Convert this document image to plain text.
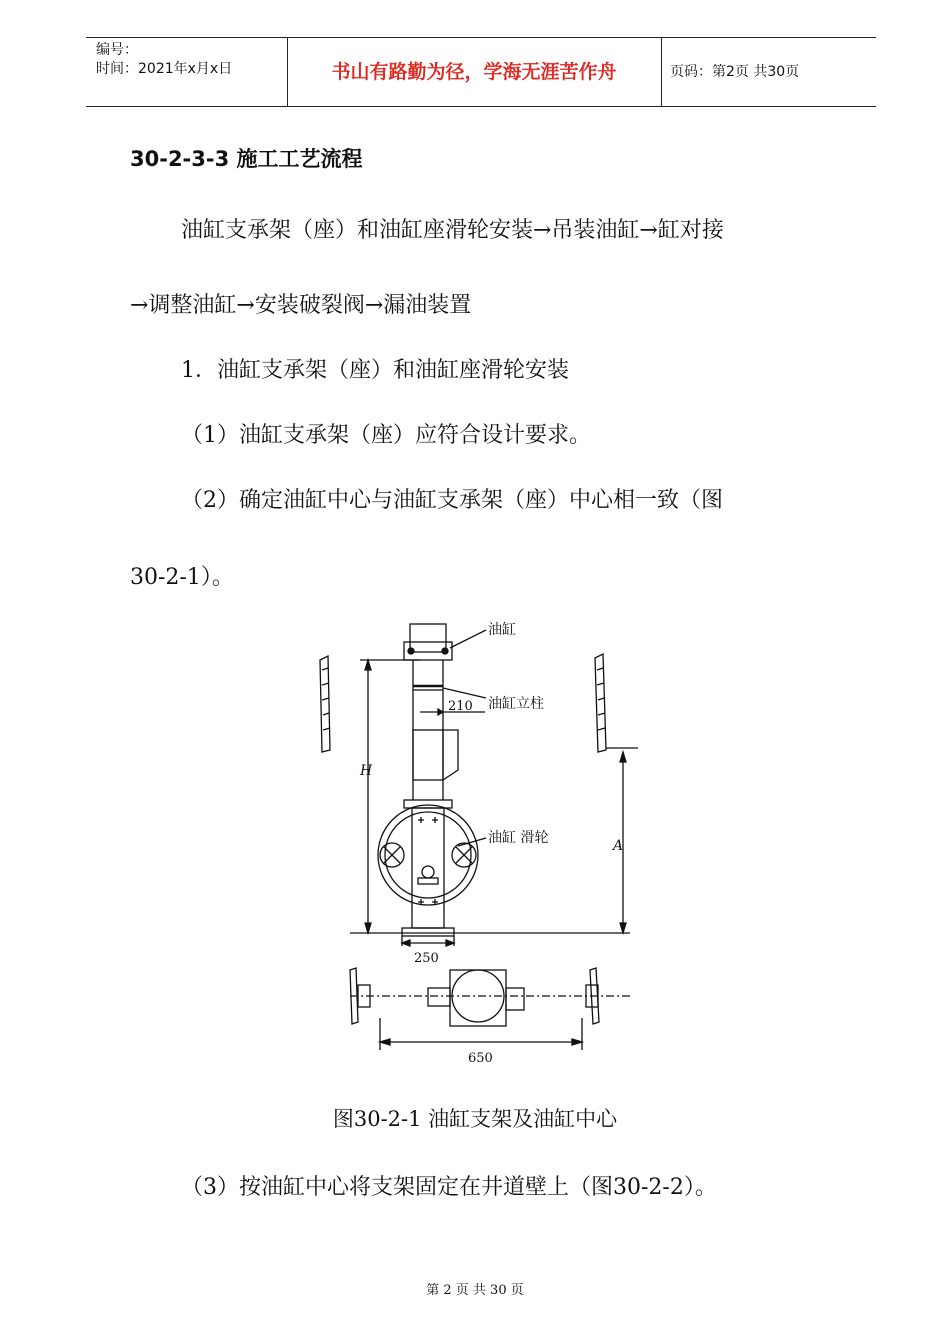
编号：
时间：2021年x月x日	书山有路勤为径，学海无涯苦作舟	页码：第2页 共30页
30-2-3-3 施工工艺流程
油缸支承架（座）和油缸座滑轮安装→吊装油缸→缸对接
→调整油缸→安装破裂阀→漏油装置
1．油缸支承架（座）和油缸座滑轮安装
（1）油缸支承架（座）应符合设计要求。
（2）确定油缸中心与油缸支承架（座）中心相一致（图
30-2-1）。
油缸
油缸立柱
油缸 滑轮
210
H
A
250
650
图30-2-1 油缸支架及油缸中心
（3）按油缸中心将支架固定在井道壁上（图30-2-2）。
第 2 页 共 30 页
